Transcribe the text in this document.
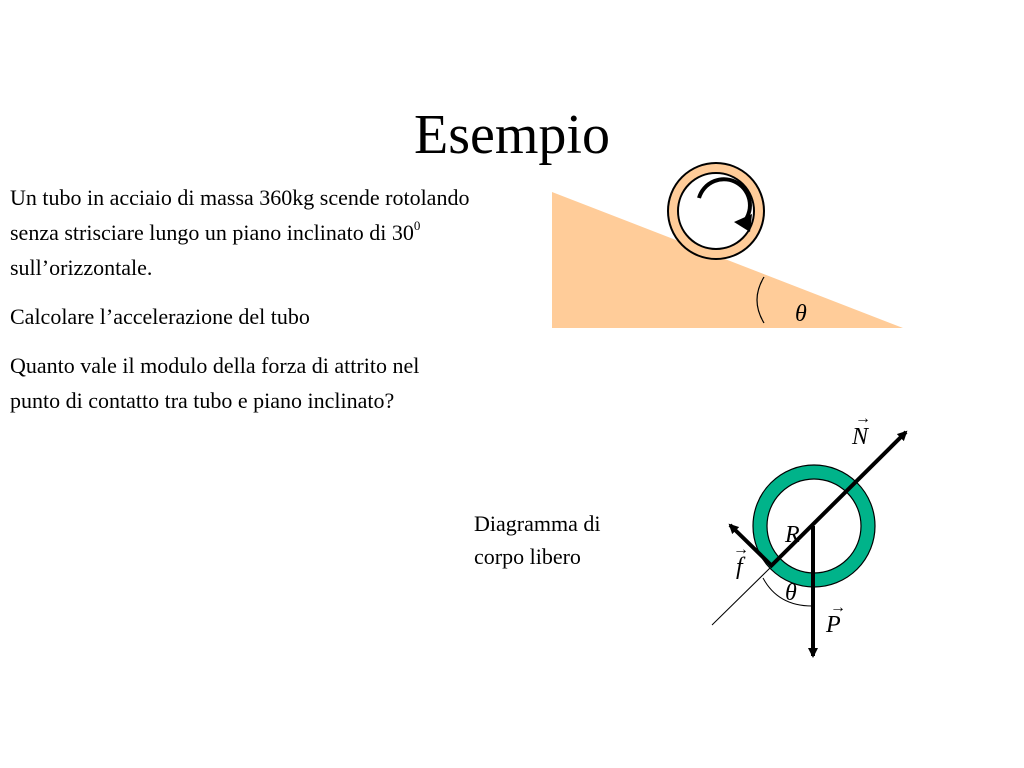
Esempio

Un tubo in acciaio di massa 360kg scende rotolando senza strisciare lungo un piano inclinato di $30^0$ sull’orizzontale.

Calcolare l’accelerazione del tubo

Quanto vale il modulo della forza di attrito nel punto di contatto tra tubo e piano inclinato?

Diagramma di corpo libero
θ
N
→
R
f
→
θ
P
→
